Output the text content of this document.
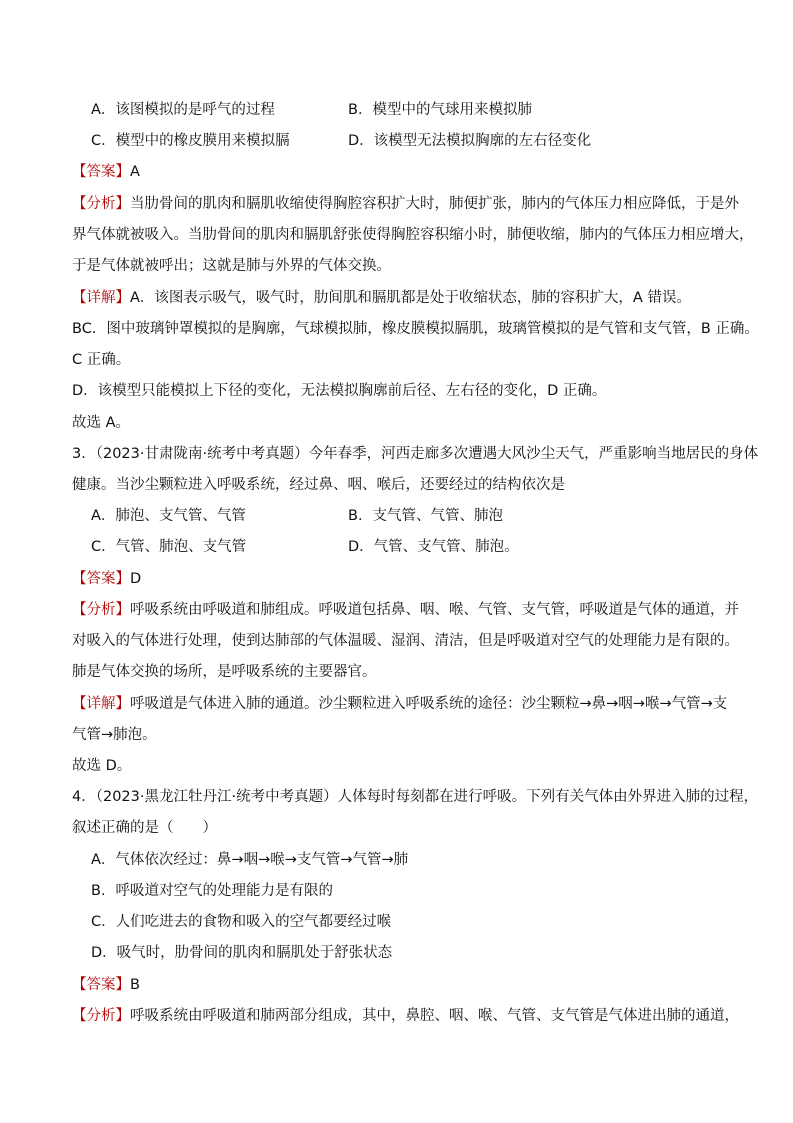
A．该图模拟的是呼气的过程	B．模型中的气球用来模拟肺
C．模型中的橡皮膜用来模拟膈	D．该模型无法模拟胸廓的左右径变化
【答案】A
【分析】当肋骨间的肌肉和膈肌收缩使得胸腔容积扩大时，肺便扩张，肺内的气体压力相应降低，于是外
界气体就被吸入。当肋骨间的肌肉和膈肌舒张使得胸腔容积缩小时，肺便收缩，肺内的气体压力相应增大，
于是气体就被呼出；这就是肺与外界的气体交换。
【详解】A．该图表示吸气，吸气时，肋间肌和膈肌都是处于收缩状态，肺的容积扩大，A 错误。
BC．图中玻璃钟罩模拟的是胸廓，气球模拟肺，橡皮膜模拟膈肌，玻璃管模拟的是气管和支气管，B 正确。
C 正确。
D．该模型只能模拟上下径的变化，无法模拟胸廓前后径、左右径的变化，D 正确。
故选 A。
3．（2023·甘肃陇南·统考中考真题）今年春季，河西走廊多次遭遇大风沙尘天气，严重影响当地居民的身体
健康。当沙尘颗粒进入呼吸系统，经过鼻、咽、喉后，还要经过的结构依次是
A．肺泡、支气管、气管	B．支气管、气管、肺泡
C．气管、肺泡、支气管	D．气管、支气管、肺泡。
【答案】D
【分析】呼吸系统由呼吸道和肺组成。呼吸道包括鼻、咽、喉、气管、支气管，呼吸道是气体的通道，并
对吸入的气体进行处理，使到达肺部的气体温暖、湿润、清洁，但是呼吸道对空气的处理能力是有限的。
肺是气体交换的场所，是呼吸系统的主要器官。
【详解】呼吸道是气体进入肺的通道。沙尘颗粒进入呼吸系统的途径：沙尘颗粒→鼻→咽→喉→气管→支
气管→肺泡。
故选 D。
4．（2023·黑龙江牡丹江·统考中考真题）人体每时每刻都在进行呼吸。下列有关气体由外界进入肺的过程，
叙述正确的是（　　）
A．气体依次经过：鼻→咽→喉→支气管→气管→肺
B．呼吸道对空气的处理能力是有限的
C．人们吃进去的食物和吸入的空气都要经过喉
D．吸气时，肋骨间的肌肉和膈肌处于舒张状态
【答案】B
【分析】呼吸系统由呼吸道和肺两部分组成，其中，鼻腔、咽、喉、气管、支气管是气体进出肺的通道，
